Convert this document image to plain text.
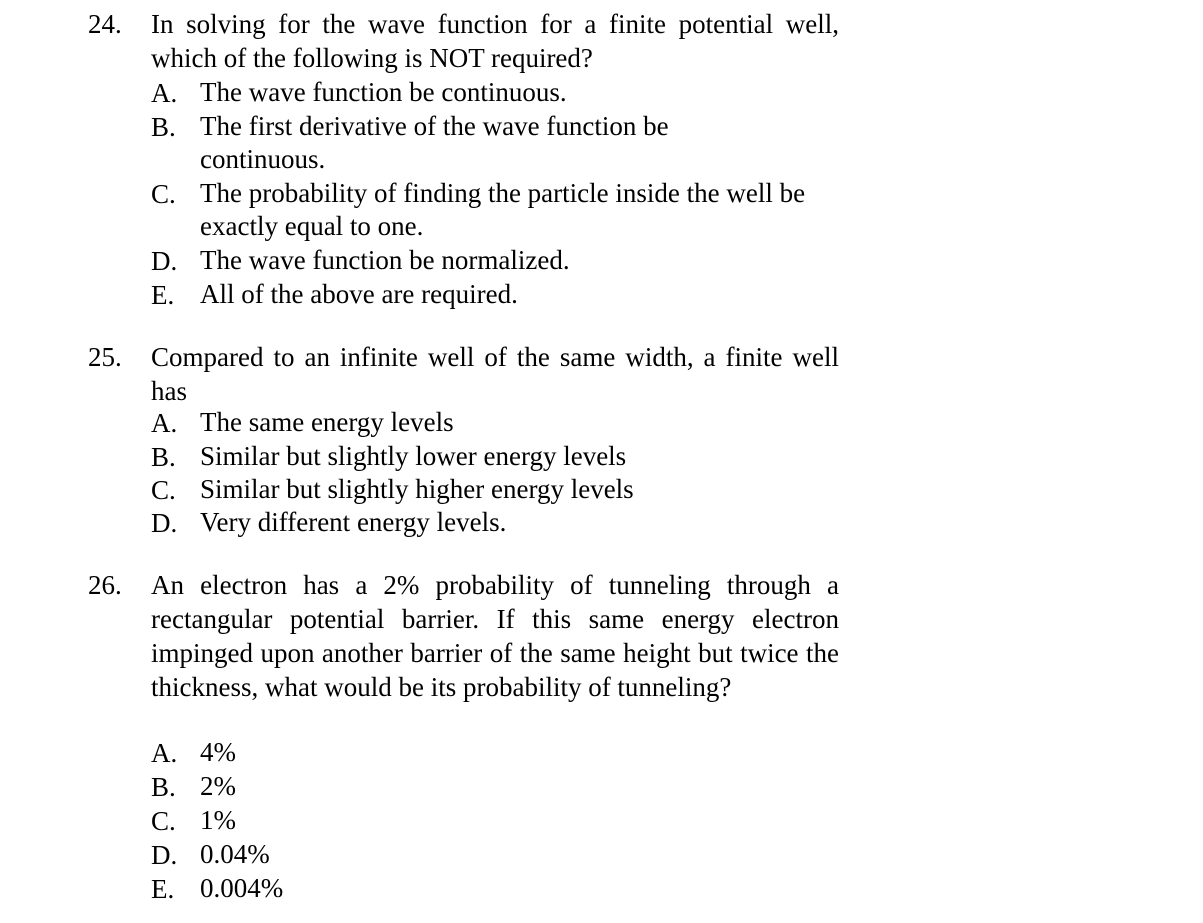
24. In solving for the wave function for a finite potential well, which of the following is NOT required?
A. The wave function be continuous.
B. The first derivative of the wave function be continuous.
C. The probability of finding the particle inside the well be exactly equal to one.
D. The wave function be normalized.
E. All of the above are required.
25. Compared to an infinite well of the same width, a finite well has
A. The same energy levels
B. Similar but slightly lower energy levels
C. Similar but slightly higher energy levels
D. Very different energy levels.
26. An electron has a 2% probability of tunneling through a rectangular potential barrier. If this same energy electron impinged upon another barrier of the same height but twice the thickness, what would be its probability of tunneling?
A. 4%
B. 2%
C. 1%
D. 0.04%
E. 0.004%
